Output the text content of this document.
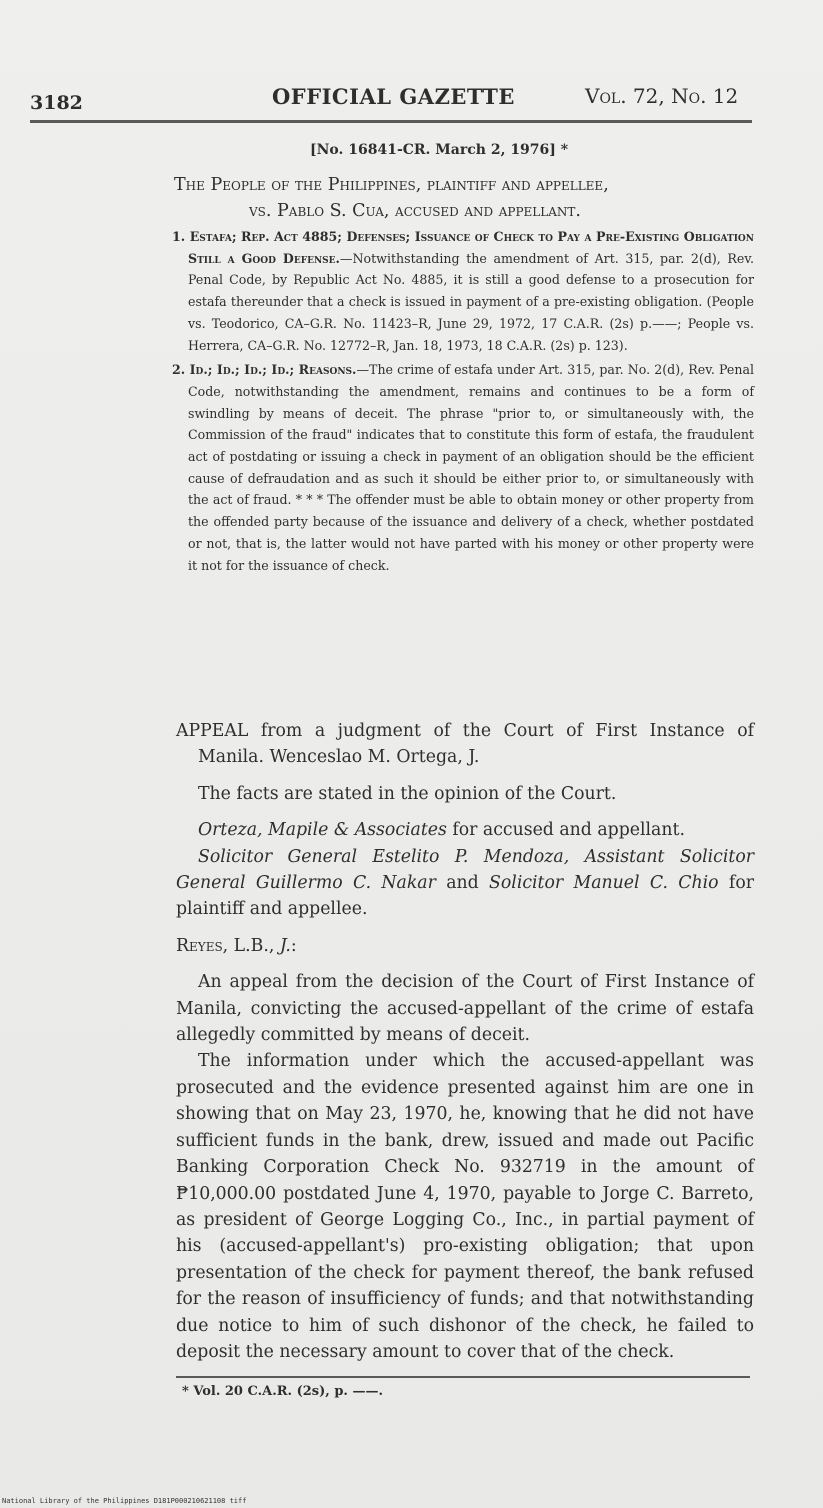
3182	OFFICIAL GAZETTE	Vol. 72, No. 12
[No. 16841-CR. March 2, 1976] *
The People of the Philippines, plaintiff and appellee,
vs. Pablo S. Cua, accused and appellant.

1. Estafa; Rep. Act 4885; Defenses; Issuance of Check to Pay a Pre-Existing Obligation Still a Good Defense.—Notwithstanding the amendment of Art. 315, par. 2(d), Rev. Penal Code, by Republic Act No. 4885, it is still a good defense to a prosecution for estafa thereunder that a check is issued in payment of a pre-existing obligation. (People vs. Teodorico, CA–G.R. No. 11423–R, June 29, 1972, 17 C.A.R. (2s) p.——; People vs. Herrera, CA–G.R. No. 12772–R, Jan. 18, 1973, 18 C.A.R. (2s) p. 123).

2. Id.; Id.; Id.; Id.; Reasons.—The crime of estafa under Art. 315, par. No. 2(d), Rev. Penal Code, notwithstanding the amendment, remains and continues to be a form of swindling by means of deceit. The phrase "prior to, or simultaneously with, the Commission of the fraud" indicates that to constitute this form of estafa, the fraudulent act of postdating or issuing a check in payment of an obligation should be the efficient cause of defraudation and as such it should be either prior to, or simultaneously with the act of fraud. * * * The offender must be able to obtain money or other property from the offended party because of the issuance and delivery of a check, whether postdated or not, that is, the latter would not have parted with his money or other property were it not for the issuance of check.

APPEAL from a judgment of the Court of First Instance of Manila. Wenceslao M. Ortega, J.

The facts are stated in the opinion of the Court.

Orteza, Mapile & Associates for accused and appellant.

Solicitor General Estelito P. Mendoza, Assistant Solicitor General Guillermo C. Nakar and Solicitor Manuel C. Chio for plaintiff and appellee.

Reyes, L.B., J.:

An appeal from the decision of the Court of First Instance of Manila, convicting the accused-appellant of the crime of estafa allegedly committed by means of deceit.

The information under which the accused-appellant was prosecuted and the evidence presented against him are one in showing that on May 23, 1970, he, knowing that he did not have sufficient funds in the bank, drew, issued and made out Pacific Banking Corporation Check No. 932719 in the amount of ₱10,000.00 postdated June 4, 1970, payable to Jorge C. Barreto, as president of George Logging Co., Inc., in partial payment of his (accused-appellant's) pro-existing obligation; that upon presentation of the check for payment thereof, the bank refused for the reason of insufficiency of funds; and that notwithstanding due notice to him of such dishonor of the check, he failed to deposit the necessary amount to cover that of the check.

* Vol. 20 C.A.R. (2s), p. ——.
National Library of the Philippines D181P000210621108 tiff
